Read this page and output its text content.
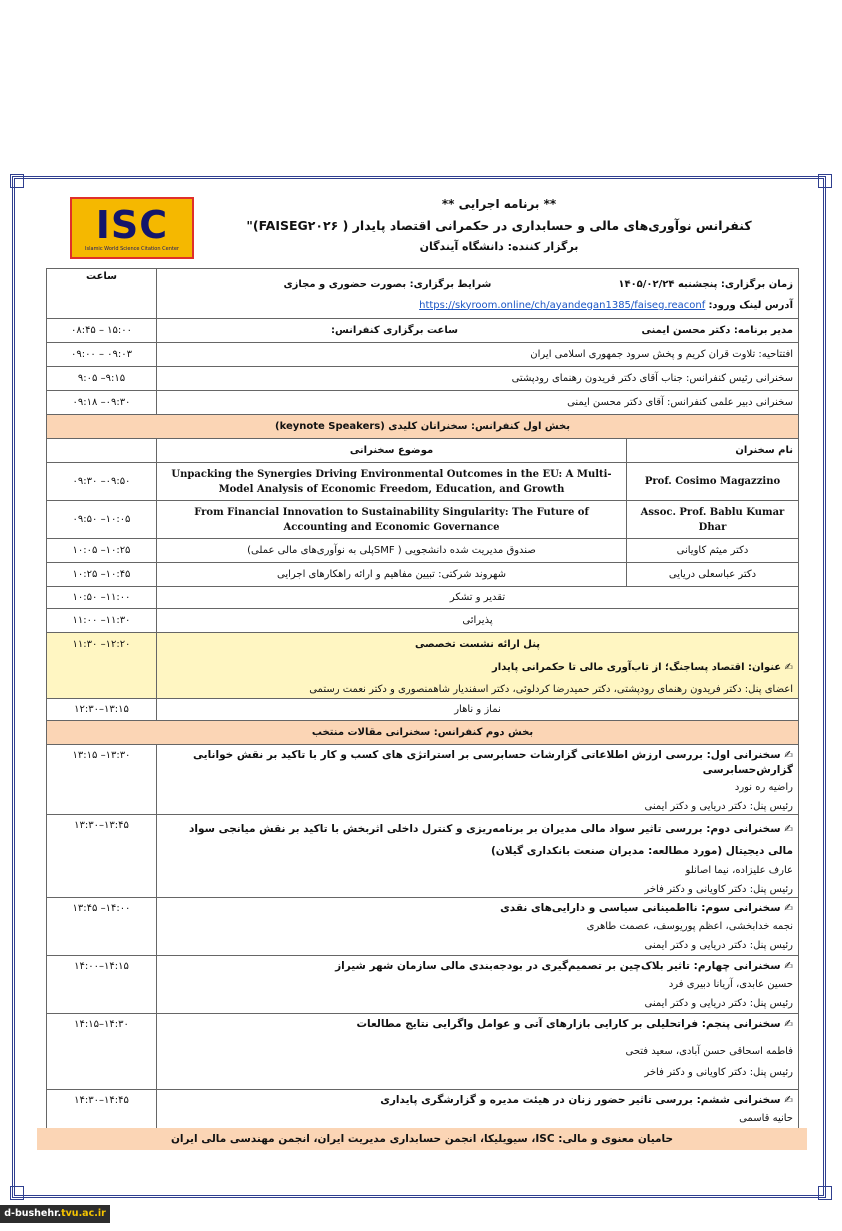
ISC
Islamic World Science Citation Center
** برنامه اجرایی **
کنفرانس نوآوری‌های مالی و حسابداری در حکمرانی اقتصاد پایدار ( FAISEG۲۰۲۶)"
برگزار کننده: دانشگاه آیندگان
زمان برگزاری: پنجشنبه ۱۴۰۵/۰۲/۲۴  شرایط برگزاری: بصورت حضوری و مجازی
آدرس لینک ورود: https://skyroom.online/ch/ayandegan1385/faiseg.reaconf		ساعت
مدیر برنامه: دکتر محسن ایمنی ساعت برگزاری کنفرانس:		۰۸:۴۵ – ۱۵:۰۰
افتتاحیه: تلاوت قران کریم و پخش سرود جمهوری اسلامی ایران		۰۹:۰۰ – ۰۹:۰۳
سخنرانی رئیس کنفرانس: جناب آقای دکتر فریدون رهنمای رودپشتی		۹:۰۵ –۹:۱۵
سخنرانی دبیر علمی کنفرانس: آقای دکتر محسن ایمنی		۰۹:۱۸ –۰۹:۳۰
بخش اول کنفرانس: سخنرانان کلیدی (keynote Speakers)		
نام سخنران	موضوع سخنرانی	
Prof. Cosimo Magazzino	Unpacking the Synergies Driving Environmental Outcomes in the EU: A Multi-Model Analysis of Economic Freedom, Education, and Growth	۰۹:۳۰ –۰۹:۵۰
Assoc. Prof. Bablu Kumar Dhar	From Financial Innovation to Sustainability Singularity: The Future of Accounting and Economic Governance	۰۹:۵۰ –۱۰:۰۵
دکتر میثم کاویانی	صندوق مدیریت شده دانشجویی ( SMFپلی به نوآوری‌های مالی عملی)	۱۰:۰۵ –۱۰:۲۵
دکتر عباسعلی دریایی	شهروند شرکتی: تبیین مفاهیم و ارائه راهکارهای اجرایی	۱۰:۲۵ –۱۰:۴۵
تقدیر و تشکر		۱۰:۵۰ –۱۱:۰۰
پذیرائی		۱۱:۰۰ –۱۱:۳۰

پنل ارائه نشست تخصصی
✍ عنوان: اقتصاد پساجنگ؛ از تاب‌آوری مالی تا حکمرانی پایدار
اعضای پنل: دکتر فریدون رهنمای رودپشتی، دکتر حمیدرضا کردلوئی، دکتر اسفندیار شاهمنصوری و دکتر نعمت رستمی		۱۱:۳۰ –۱۲:۲۰
نماز و ناهار		۱۲:۳۰–۱۳:۱۵
بخش دوم کنفرانس: سخنرانی مقالات منتخب		

✍ سخنرانی اول: بررسی ارزش اطلاعاتی گزارشات حسابرسی بر استراتژی های کسب و کار با تاکید بر نقش خوانایی گزارش‌حسابرسی
راضیه ره نورد
رئیس پنل: دکتر دریایی و دکتر ایمنی		۱۳:۱۵ –۱۳:۳۰

✍ سخنرانی دوم: بررسی تاثیر سواد مالی مدیران بر برنامه‌ریزی و کنترل داخلی اثربخش با تاکید بر نقش میانجی سواد مالی دیجیتال (مورد مطالعه: مدیران صنعت بانکداری گیلان)
عارف علیزاده، نیما اصانلو
رئیس پنل: دکتر کاویانی و دکتر فاخر		۱۳:۳۰–۱۳:۴۵

✍ سخنرانی سوم: نااطمینانی سیاسی و دارایی‌های نقدی
نجمه خدابخشی، اعظم پوریوسف، عصمت طاهری
رئیس پنل: دکتر دریایی و دکتر ایمنی		۱۳:۴۵ –۱۴:۰۰

✍ سخنرانی چهارم: تاثیر بلاک‌چین بر تصمیم‌گیری در بودجه‌بندی مالی سازمان شهر شیراز
حسین عابدی، آریانا دبیری فرد
رئیس پنل: دکتر دریایی و دکتر ایمنی		۱۴:۰۰–۱۴:۱۵

✍ سخنرانی پنجم: فراتحلیلی بر کارایی بازارهای آتی و عوامل واگرایی نتایج مطالعات
فاطمه اسحاقی حسن آبادی، سعید فتحی
رئیس پنل: دکتر کاویانی و دکتر فاخر		۱۴:۱۵–۱۴:۳۰

✍ سخنرانی ششم: بررسی تاثیر حضور زنان در هیئت مدیره و گزارشگری پایداری
حانیه قاسمی		۱۴:۳۰–۱۴:۴۵
حامیان معنوی و مالی: ISC، سیویلیکا، انجمن حسابداری مدیریت ایران، انجمن مهندسی مالی ایران
d-bushehr.tvu.ac.ir
